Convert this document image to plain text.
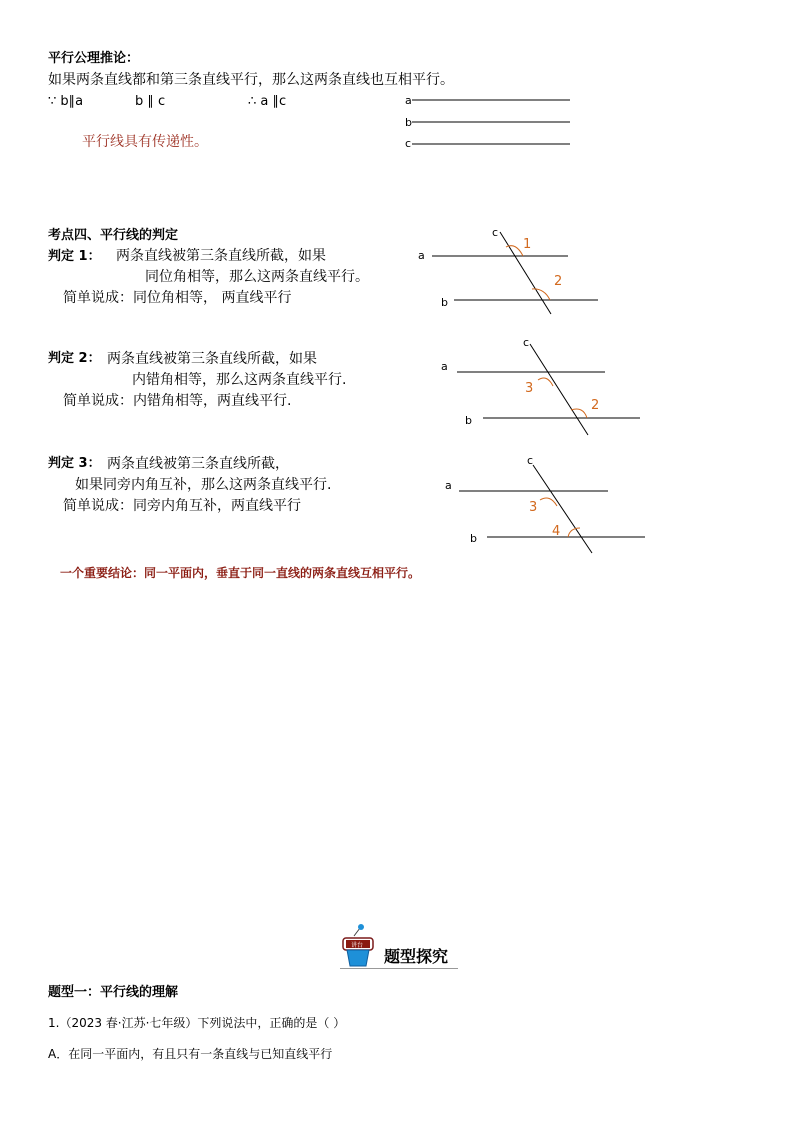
平行公理推论：
如果两条直线都和第三条直线平行，那么这两条直线也互相平行。
∵ b∥a	b ∥ c	∴ a ∥c
平行线具有传递性。
a
b
c
考点四、平行线的判定
判定 1： 两条直线被第三条直线所截，如果
同位角相等，那么这两条直线平行。
简单说成：同位角相等， 两直线平行
a
b
c
1
2
判定 2： 两条直线被第三条直线所截，如果
内错角相等，那么这两条直线平行.
简单说成：内错角相等，两直线平行.
a
b
c
3
2
判定 3： 两条直线被第三条直线所截，
如果同旁内角互补，那么这两条直线平行.
简单说成：同旁内角互补，两直线平行
a
b
c
3
4
一个重要结论：同一平面内，垂直于同一直线的两条直线互相平行。
讲台
题型探究
题型一：平行线的理解
1.（2023 春·江苏·七年级）下列说法中，正确的是（ ）
A．在同一平面内，有且只有一条直线与已知直线平行
